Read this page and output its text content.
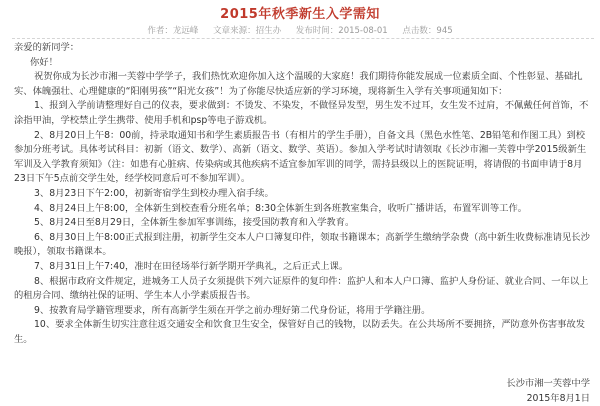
2015年秋季新生入学需知
作者：龙远峰 文章来源：招生办 发布时间：2015-08-01 点击数：945

亲爱的新同学：

你好！

祝贺你成为长沙市湘一芙蓉中学学子，我们热忱欢迎你加入这个温暖的大家庭！我们期待你能发展成一位素质全面、个性彰显、基础扎实、体魄强壮、心理健康的“阳刚男孩”“阳光女孩”！为了你能尽快适应新的学习环境，现将新生入学有关事项通知如下：

1、报到入学前请整理好自己的仪表，要求做到：不烫发、不染发，不做怪异发型，男生发不过耳，女生发不过肩，不佩戴任何首饰，不涂指甲油，学校禁止学生携带、使用手机和psp等电子游戏机。

2、8月20日上午8：00前，持录取通知书和学生素质报告书（有相片的学生手册），自备文具（黑色水性笔、2B铅笔和作图工具）到校参加分班考试。具体考试科目：初新（语文、数学）、高新（语文、数学、英语）。参加入学考试时请领取《长沙市湘一芙蓉中学2015级新生军训及入学教育须知》（注：如患有心脏病、传染病或其他疾病不适宜参加军训的同学，需持县级以上的医院证明，将请假的书面申请于8月23日下午5点前交学生处，经学校同意后可不参加军训）。

3、8月23日下午2:00，初新寄宿学生到校办理入宿手续。

4、8月24日上午8:00，全体新生到校查看分班名单；8:30全体新生到各班教室集合，收听广播讲话，布置军训等工作。

5、8月24日至8月29日，全体新生参加军事训练，接受国防教育和入学教育。

6、8月30日上午8:00正式报到注册，初新学生交本人户口簿复印件，领取书籍课本；高新学生缴纳学杂费（高中新生收费标准请见长沙晚报），领取书籍课本。

7、8月31日上午7:40，准时在田径场举行新学期开学典礼，之后正式上课。

8、根据市政府文件规定，进城务工人员子女须提供下列六证原件的复印件：监护人和本人户口簿、监护人身份证、就业合同、一年以上的租房合同、缴纳社保的证明、学生本人小学素质报告书。

9、按教育局学籍管理要求，所有高新学生须在开学之前办理好第二代身份证，将用于学籍注册。

10、要求全体新生切实注意往返交通安全和饮食卫生安全，保管好自己的钱物，以防丢失。在公共场所不要拥挤，严防意外伤害事故发生。

长沙市湘一芙蓉中学
2015年8月1日
